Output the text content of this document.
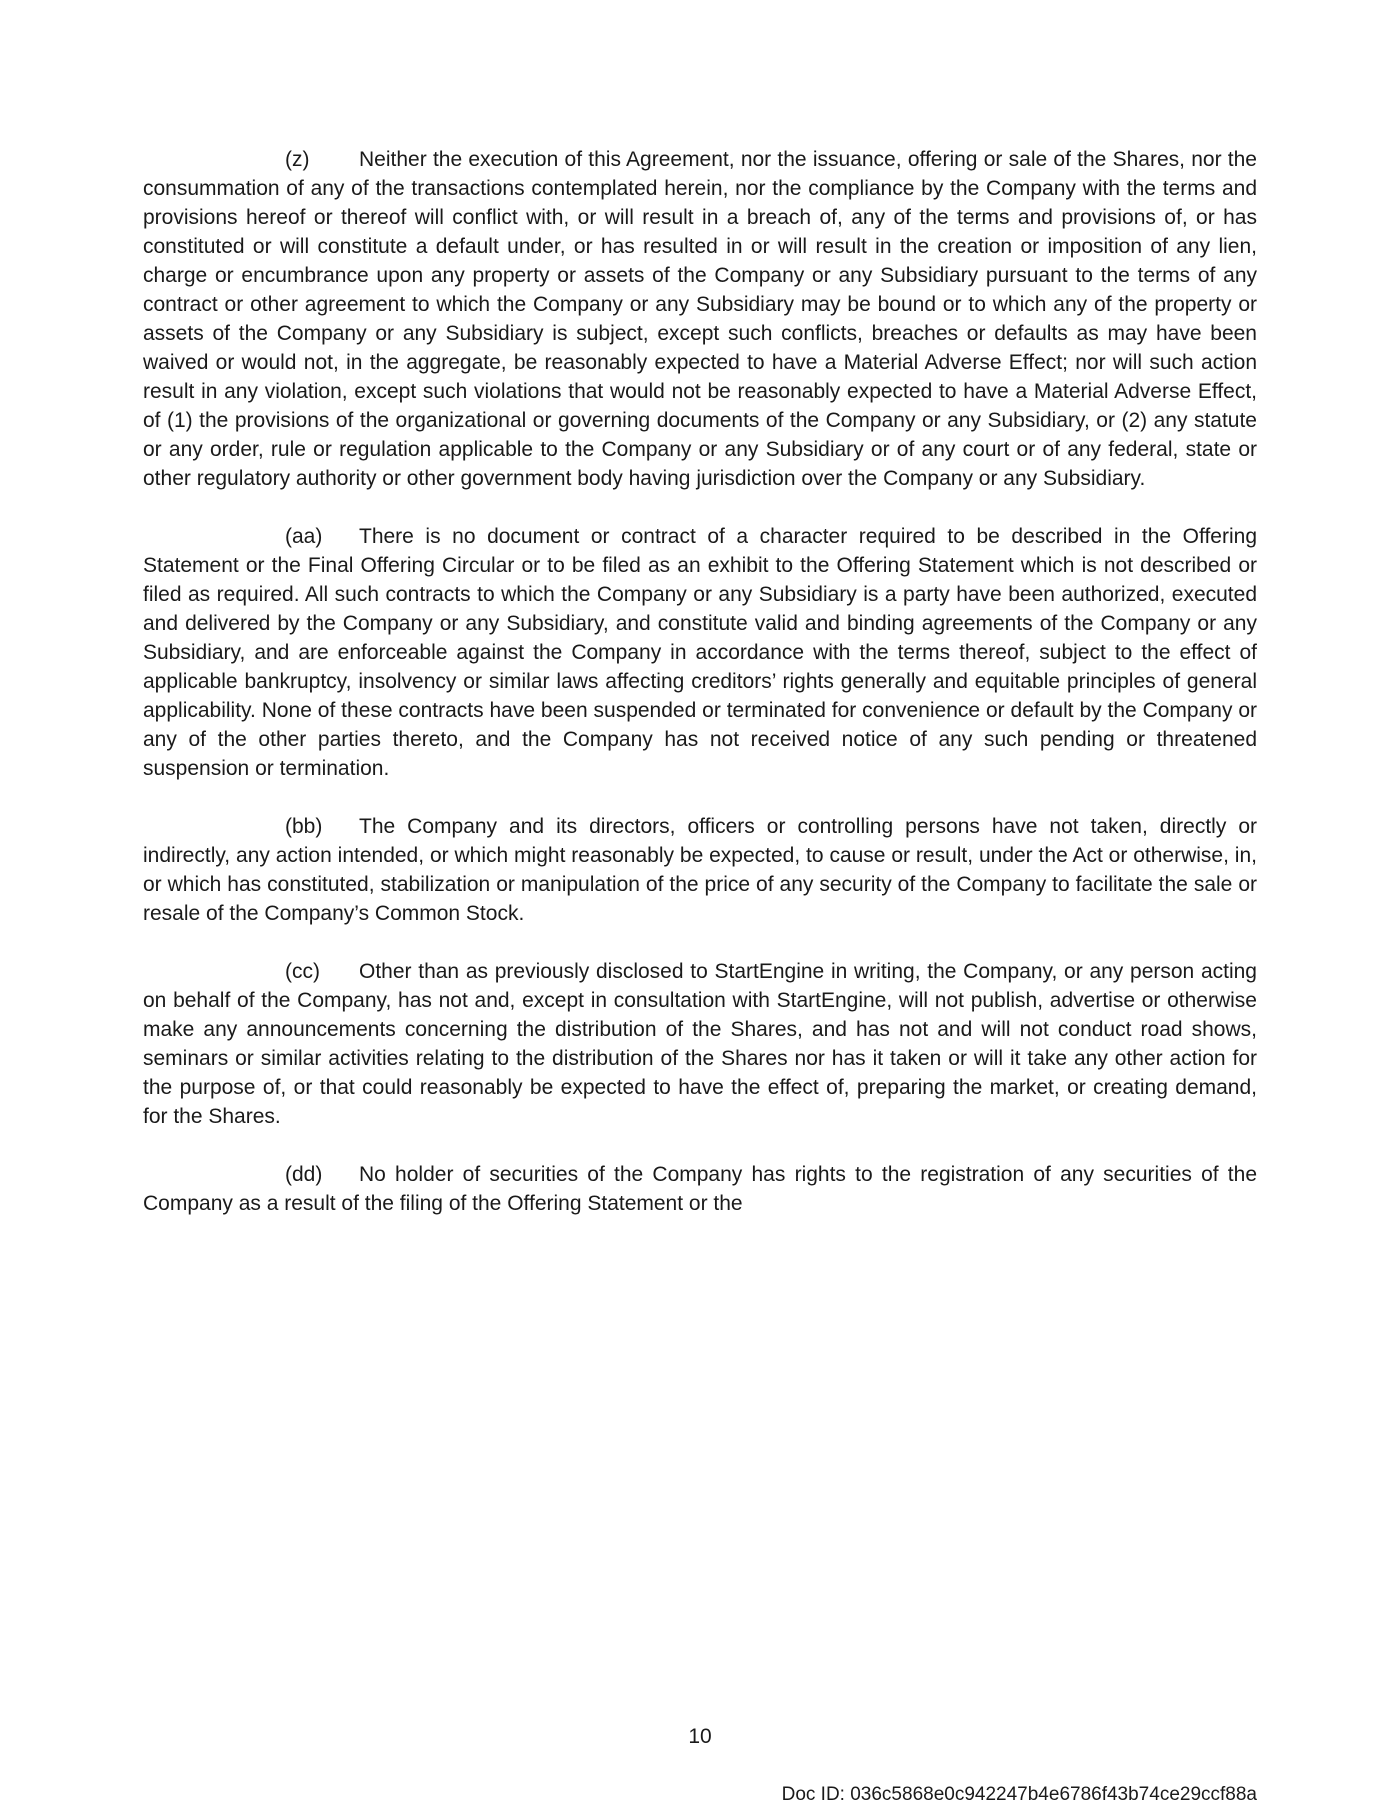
(z) Neither the execution of this Agreement, nor the issuance, offering or sale of the Shares, nor the consummation of any of the transactions contemplated herein, nor the compliance by the Company with the terms and provisions hereof or thereof will conflict with, or will result in a breach of, any of the terms and provisions of, or has constituted or will constitute a default under, or has resulted in or will result in the creation or imposition of any lien, charge or encumbrance upon any property or assets of the Company or any Subsidiary pursuant to the terms of any contract or other agreement to which the Company or any Subsidiary may be bound or to which any of the property or assets of the Company or any Subsidiary is subject, except such conflicts, breaches or defaults as may have been waived or would not, in the aggregate, be reasonably expected to have a Material Adverse Effect; nor will such action result in any violation, except such violations that would not be reasonably expected to have a Material Adverse Effect, of (1) the provisions of the organizational or governing documents of the Company or any Subsidiary, or (2) any statute or any order, rule or regulation applicable to the Company or any Subsidiary or of any court or of any federal, state or other regulatory authority or other government body having jurisdiction over the Company or any Subsidiary.

(aa) There is no document or contract of a character required to be described in the Offering Statement or the Final Offering Circular or to be filed as an exhibit to the Offering Statement which is not described or filed as required. All such contracts to which the Company or any Subsidiary is a party have been authorized, executed and delivered by the Company or any Subsidiary, and constitute valid and binding agreements of the Company or any Subsidiary, and are enforceable against the Company in accordance with the terms thereof, subject to the effect of applicable bankruptcy, insolvency or similar laws affecting creditors’ rights generally and equitable principles of general applicability. None of these contracts have been suspended or terminated for convenience or default by the Company or any of the other parties thereto, and the Company has not received notice of any such pending or threatened suspension or termination.

(bb) The Company and its directors, officers or controlling persons have not taken, directly or indirectly, any action intended, or which might reasonably be expected, to cause or result, under the Act or otherwise, in, or which has constituted, stabilization or manipulation of the price of any security of the Company to facilitate the sale or resale of the Company’s Common Stock.

(cc) Other than as previously disclosed to StartEngine in writing, the Company, or any person acting on behalf of the Company, has not and, except in consultation with StartEngine, will not publish, advertise or otherwise make any announcements concerning the distribution of the Shares, and has not and will not conduct road shows, seminars or similar activities relating to the distribution of the Shares nor has it taken or will it take any other action for the purpose of, or that could reasonably be expected to have the effect of, preparing the market, or creating demand, for the Shares.

(dd) No holder of securities of the Company has rights to the registration of any securities of the Company as a result of the filing of the Offering Statement or the

10
Doc ID: 036c5868e0c942247b4e6786f43b74ce29ccf88a
